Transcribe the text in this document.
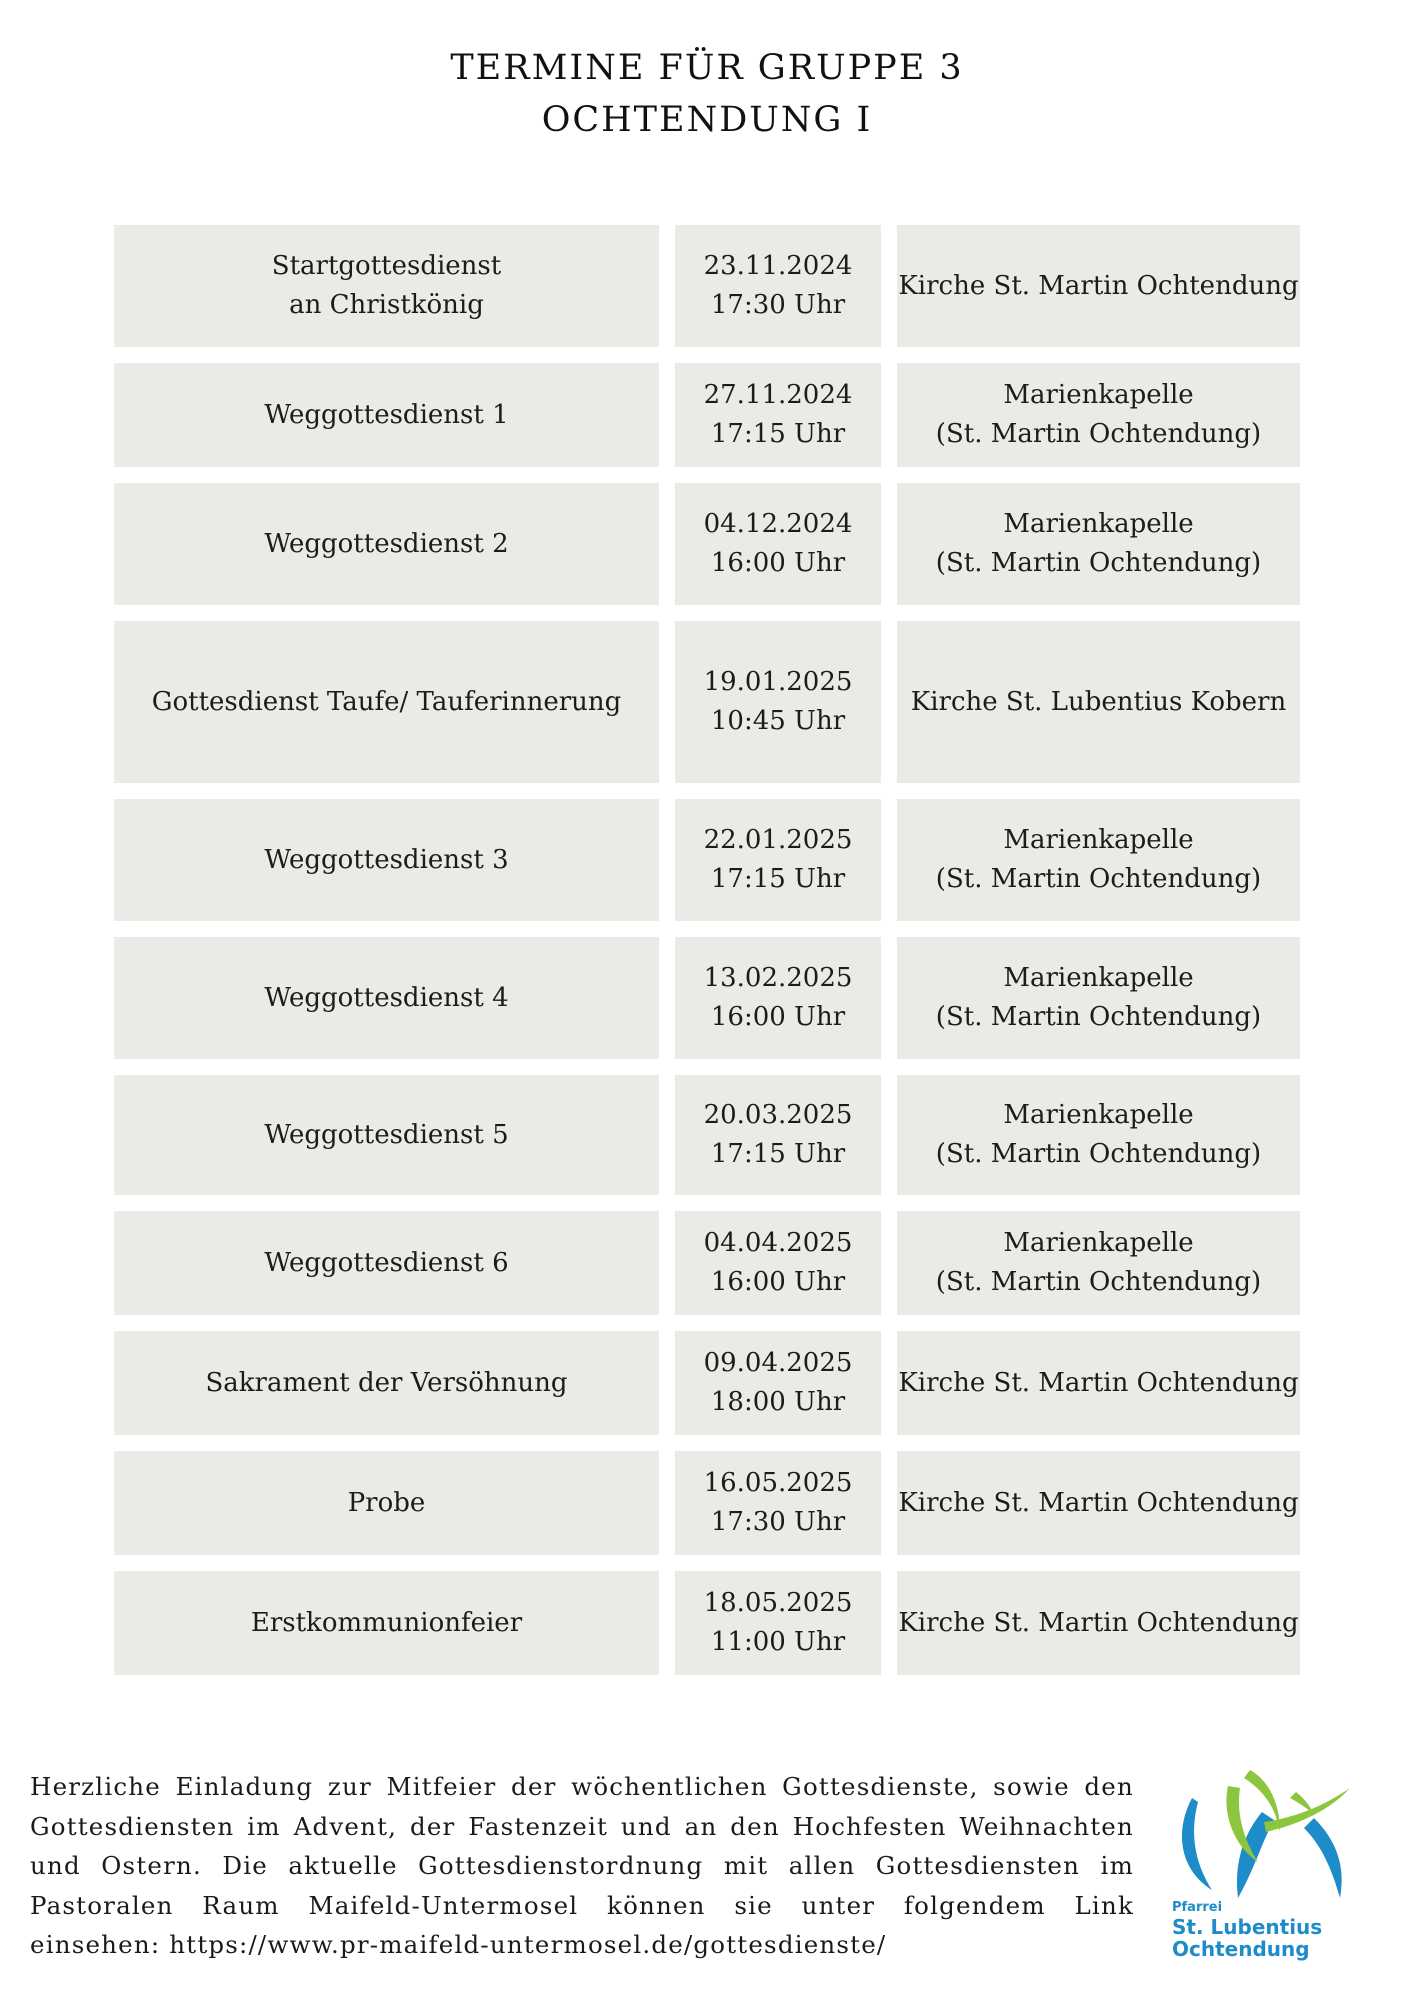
TERMINE FÜR GRUPPE 3
OCHTENDUNG I
Startgottesdienst
an Christkönig
23.11.2024
17:30 Uhr
Kirche St. Martin Ochtendung
Weggottesdienst 1
27.11.2024
17:15 Uhr
Marienkapelle
(St. Martin Ochtendung)
Weggottesdienst 2
04.12.2024
16:00 Uhr
Marienkapelle
(St. Martin Ochtendung)
Gottesdienst Taufe/ Tauferinnerung
19.01.2025
10:45 Uhr
Kirche St. Lubentius Kobern
Weggottesdienst 3
22.01.2025
17:15 Uhr
Marienkapelle
(St. Martin Ochtendung)
Weggottesdienst 4
13.02.2025
16:00 Uhr
Marienkapelle
(St. Martin Ochtendung)
Weggottesdienst 5
20.03.2025
17:15 Uhr
Marienkapelle
(St. Martin Ochtendung)
Weggottesdienst 6
04.04.2025
16:00 Uhr
Marienkapelle
(St. Martin Ochtendung)
Sakrament der Versöhnung
09.04.2025
18:00 Uhr
Kirche St. Martin Ochtendung
Probe
16.05.2025
17:30 Uhr
Kirche St. Martin Ochtendung
Erstkommunionfeier
18.05.2025
11:00 Uhr
Kirche St. Martin Ochtendung
Herzliche Einladung zur Mitfeier der wöchentlichen Gottesdienste, sowie den Gottesdiensten im Advent, der Fastenzeit und an den Hochfesten Weihnachten und Ostern. Die aktuelle Gottesdienstordnung mit allen Gottesdiensten im Pastoralen Raum Maifeld-Untermosel können sie unter folgendem Link einsehen: https://www.pr-maifeld-untermosel.de/gottesdienste/
Pfarrei
St. Lubentius
Ochtendung
